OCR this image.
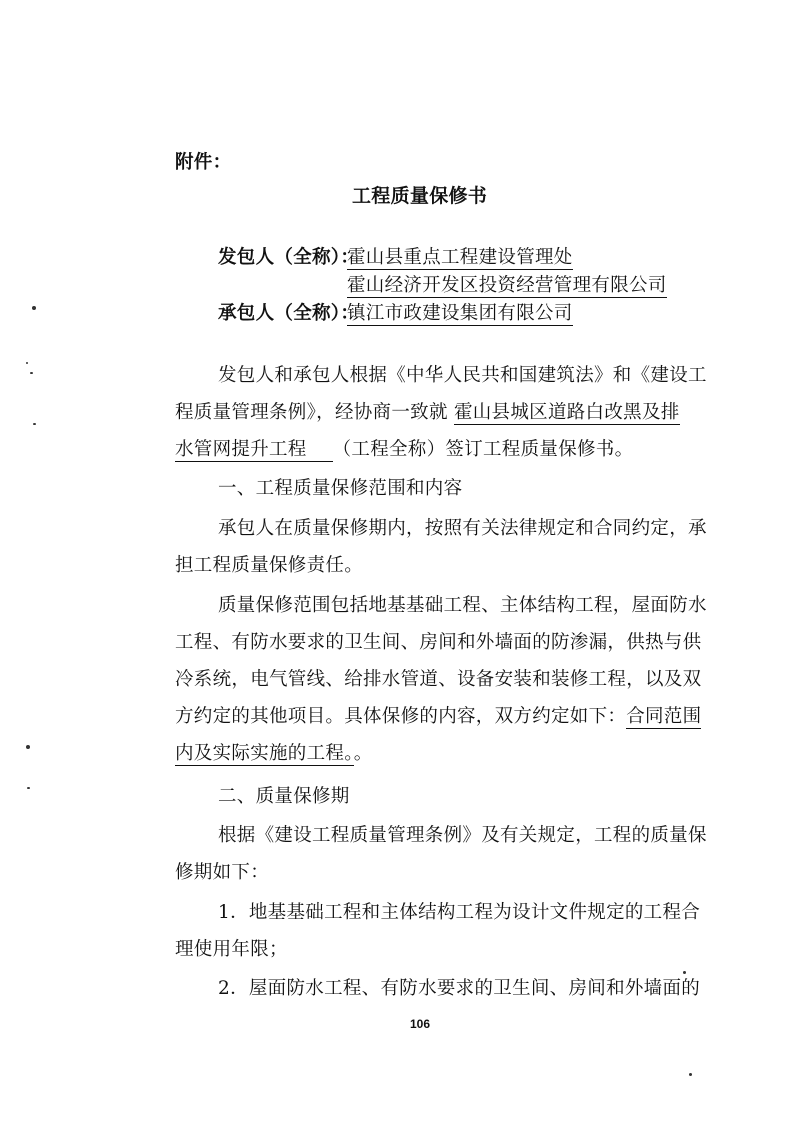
附件：
工程质量保修书
发包人（全称）：
霍山县重点工程建设管理处
霍山经济开发区投资经营管理有限公司
承包人（全称）：
镇江市政建设集团有限公司
发包人和承包人根据《中华人民共和国建筑法》和《建设工
程质量管理条例》，经协商一致就 霍山县城区道路白改黑及排
水管网提升工程 （工程全称）签订工程质量保修书。
一、工程质量保修范围和内容
承包人在质量保修期内，按照有关法律规定和合同约定，承
担工程质量保修责任。
质量保修范围包括地基基础工程、主体结构工程，屋面防水
工程、有防水要求的卫生间、房间和外墙面的防渗漏，供热与供
冷系统，电气管线、给排水管道、设备安装和装修工程，以及双
方约定的其他项目。具体保修的内容，双方约定如下：合同范围
内及实际实施的工程。。
二、质量保修期
根据《建设工程质量管理条例》及有关规定，工程的质量保
修期如下：
1．地基基础工程和主体结构工程为设计文件规定的工程合
理使用年限；
2．屋面防水工程、有防水要求的卫生间、房间和外墙面的
106
